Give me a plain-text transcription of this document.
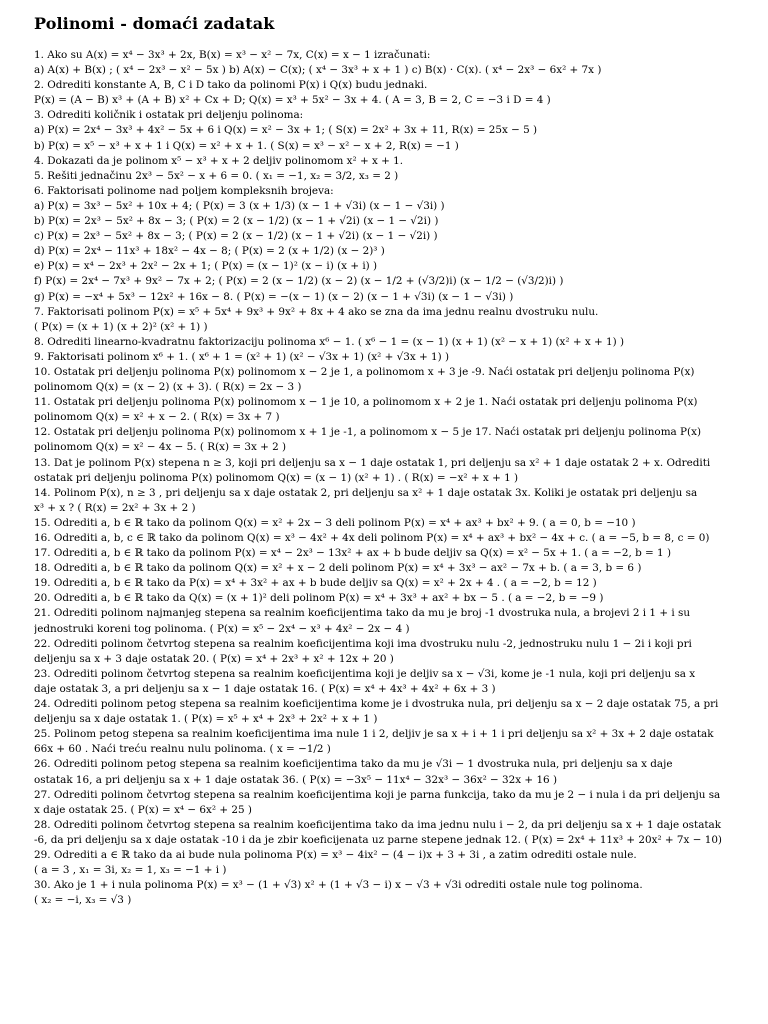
Polinomi - domaći zadatak
1. Ako su A(x) = x⁴ − 3x³ + 2x, B(x) = x³ − x² − 7x, C(x) = x − 1 izračunati:
a) A(x) + B(x) ; ( x⁴ − 2x³ − x² − 5x ) b) A(x) − C(x); ( x⁴ − 3x³ + x + 1 ) c) B(x) · C(x). ( x⁴ − 2x³ − 6x² + 7x )
2. Odrediti konstante A, B, C i D tako da polinomi P(x) i Q(x) budu jednaki.
P(x) = (A − B) x³ + (A + B) x² + Cx + D; Q(x) = x³ + 5x² − 3x + 4. ( A = 3, B = 2, C = −3 i D = 4 )
3. Odrediti količnik i ostatak pri deljenju polinoma:
a) P(x) = 2x⁴ − 3x³ + 4x² − 5x + 6 i Q(x) = x² − 3x + 1; ( S(x) = 2x² + 3x + 11, R(x) = 25x − 5 )
b) P(x) = x⁵ − x³ + x + 1 i Q(x) = x² + x + 1. ( S(x) = x³ − x² − x + 2, R(x) = −1 )
4. Dokazati da je polinom x⁵ − x³ + x + 2 deljiv polinomom x² + x + 1.
5. Rešiti jednačinu 2x³ − 5x² − x + 6 = 0. ( x₁ = −1, x₂ = 3/2, x₃ = 2 )
6. Faktorisati polinome nad poljem kompleksnih brojeva:
a) P(x) = 3x³ − 5x² + 10x + 4; ( P(x) = 3 (x + 1/3) (x − 1 + √3i) (x − 1 − √3i) )
b) P(x) = 2x³ − 5x² + 8x − 3; ( P(x) = 2 (x − 1/2) (x − 1 + √2i) (x − 1 − √2i) )
c) P(x) = 2x³ − 5x² + 8x − 3; ( P(x) = 2 (x − 1/2) (x − 1 + √2i) (x − 1 − √2i) )
d) P(x) = 2x⁴ − 11x³ + 18x² − 4x − 8; ( P(x) = 2 (x + 1/2) (x − 2)³ )
e) P(x) = x⁴ − 2x³ + 2x² − 2x + 1; ( P(x) = (x − 1)² (x − i) (x + i) )
f) P(x) = 2x⁴ − 7x³ + 9x² − 7x + 2; ( P(x) = 2 (x − 1/2) (x − 2) (x − 1/2 + (√3/2)i) (x − 1/2 − (√3/2)i) )
g) P(x) = −x⁴ + 5x³ − 12x² + 16x − 8. ( P(x) = −(x − 1) (x − 2) (x − 1 + √3i) (x − 1 − √3i) )
7. Faktorisati polinom P(x) = x⁵ + 5x⁴ + 9x³ + 9x² + 8x + 4 ako se zna da ima jednu realnu dvostruku nulu.
( P(x) = (x + 1) (x + 2)² (x² + 1) )
8. Odrediti linearno-kvadratnu faktorizaciju polinoma x⁶ − 1. ( x⁶ − 1 = (x − 1) (x + 1) (x² − x + 1) (x² + x + 1) )
9. Faktorisati polinom x⁶ + 1. ( x⁶ + 1 = (x² + 1) (x² − √3x + 1) (x² + √3x + 1) )
10. Ostatak pri deljenju polinoma P(x) polinomom x − 2 je 1, a polinomom x + 3 je -9. Naći ostatak pri deljenju polinoma P(x)
polinomom Q(x) = (x − 2) (x + 3). ( R(x) = 2x − 3 )
11. Ostatak pri deljenju polinoma P(x) polinomom x − 1 je 10, a polinomom x + 2 je 1. Naći ostatak pri deljenju polinoma P(x)
polinomom Q(x) = x² + x − 2. ( R(x) = 3x + 7 )
12. Ostatak pri deljenju polinoma P(x) polinomom x + 1 je -1, a polinomom x − 5 je 17. Naći ostatak pri deljenju polinoma P(x)
polinomom Q(x) = x² − 4x − 5. ( R(x) = 3x + 2 )
13. Dat je polinom P(x) stepena n ≥ 3, koji pri deljenju sa x − 1 daje ostatak 1, pri deljenju sa x² + 1 daje ostatak 2 + x. Odrediti
ostatak pri deljenju polinoma P(x) polinomom Q(x) = (x − 1) (x² + 1) . ( R(x) = −x² + x + 1 )
14. Polinom P(x), n ≥ 3 , pri deljenju sa x daje ostatak 2, pri deljenju sa x² + 1 daje ostatak 3x. Koliki je ostatak pri deljenju sa
x³ + x ? ( R(x) = 2x² + 3x + 2 )
15. Odrediti a, b ∈ ℝ tako da polinom Q(x) = x² + 2x − 3 deli polinom P(x) = x⁴ + ax³ + bx² + 9. ( a = 0, b = −10 )
16. Odrediti a, b, c ∈ ℝ tako da polinom Q(x) = x³ − 4x² + 4x deli polinom P(x) = x⁴ + ax³ + bx² − 4x + c. ( a = −5, b = 8, c = 0)
17. Odrediti a, b ∈ ℝ tako da polinom P(x) = x⁴ − 2x³ − 13x² + ax + b bude deljiv sa Q(x) = x² − 5x + 1. ( a = −2, b = 1 )
18. Odrediti a, b ∈ ℝ tako da polinom Q(x) = x² + x − 2 deli polinom P(x) = x⁴ + 3x³ − ax² − 7x + b. ( a = 3, b = 6 )
19. Odrediti a, b ∈ ℝ tako da P(x) = x⁴ + 3x² + ax + b bude deljiv sa Q(x) = x² + 2x + 4 . ( a = −2, b = 12 )
20. Odrediti a, b ∈ ℝ tako da Q(x) = (x + 1)² deli polinom P(x) = x⁴ + 3x³ + ax² + bx − 5 . ( a = −2, b = −9 )
21. Odrediti polinom najmanjeg stepena sa realnim koeficijentima tako da mu je broj -1 dvostruka nula, a brojevi 2 i 1 + i su
jednostruki koreni tog polinoma. ( P(x) = x⁵ − 2x⁴ − x³ + 4x² − 2x − 4 )
22. Odrediti polinom četvrtog stepena sa realnim koeficijentima koji ima dvostruku nulu -2, jednostruku nulu 1 − 2i i koji pri
deljenju sa x + 3 daje ostatak 20. ( P(x) = x⁴ + 2x³ + x² + 12x + 20 )
23. Odrediti polinom četvrtog stepena sa realnim koeficijentima koji je deljiv sa x − √3i, kome je -1 nula, koji pri deljenju sa x
daje ostatak 3, a pri deljenju sa x − 1 daje ostatak 16. ( P(x) = x⁴ + 4x³ + 4x² + 6x + 3 )
24. Odrediti polinom petog stepena sa realnim koeficijentima kome je i dvostruka nula, pri deljenju sa x − 2 daje ostatak 75, a pri
deljenju sa x daje ostatak 1. ( P(x) = x⁵ + x⁴ + 2x³ + 2x² + x + 1 )
25. Polinom petog stepena sa realnim koeficijentima ima nule 1 i 2, deljiv je sa x + i + 1 i pri deljenju sa x² + 3x + 2 daje ostatak
66x + 60 . Naći treću realnu nulu polinoma. ( x = −1/2 )
26. Odrediti polinom petog stepena sa realnim koeficijentima tako da mu je √3i − 1 dvostruka nula, pri deljenju sa x daje
ostatak 16, a pri deljenju sa x + 1 daje ostatak 36. ( P(x) = −3x⁵ − 11x⁴ − 32x³ − 36x² − 32x + 16 )
27. Odrediti polinom četvrtog stepena sa realnim koeficijentima koji je parna funkcija, tako da mu je 2 − i nula i da pri deljenju sa
x daje ostatak 25. ( P(x) = x⁴ − 6x² + 25 )
28. Odrediti polinom četvrtog stepena sa realnim koeficijentima tako da ima jednu nulu i − 2, da pri deljenju sa x + 1 daje ostatak
-6, da pri deljenju sa x daje ostatak -10 i da je zbir koeficijenata uz parne stepene jednak 12. ( P(x) = 2x⁴ + 11x³ + 20x² + 7x − 10)
29. Odrediti a ∈ ℝ tako da ai bude nula polinoma P(x) = x³ − 4ix² − (4 − i)x + 3 + 3i , a zatim odrediti ostale nule.
( a = 3 , x₁ = 3i, x₂ = 1, x₃ = −1 + i )
30. Ako je 1 + i nula polinoma P(x) = x³ − (1 + √3) x² + (1 + √3 − i) x − √3 + √3i odrediti ostale nule tog polinoma.
( x₂ = −i, x₃ = √3 )
